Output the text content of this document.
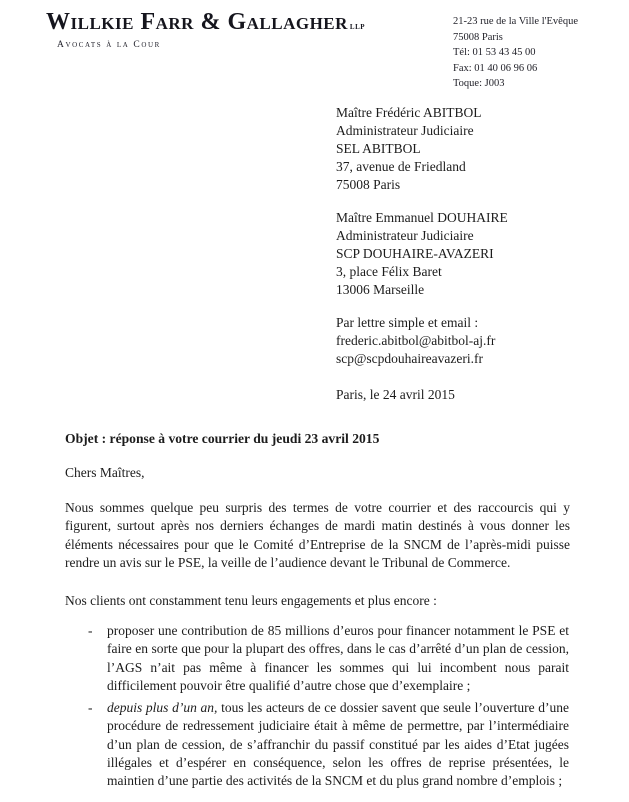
Willkie Farr & Gallagher llp
Avocats à la Cour
21-23 rue de la Ville l'Evêque
75008 Paris
Tél: 01 53 43 45 00
Fax: 01 40 06 96 06
Toque: J003
Maître Frédéric ABITBOL
Administrateur Judiciaire
SEL ABITBOL
37, avenue de Friedland
75008 Paris
Maître Emmanuel DOUHAIRE
Administrateur Judiciaire
SCP DOUHAIRE-AVAZERI
3, place Félix Baret
13006 Marseille
Par lettre simple et email :
frederic.abitbol@abitbol-aj.fr
scp@scpdouhaireavazeri.fr
Paris, le 24 avril 2015
Objet : réponse à votre courrier du jeudi 23 avril 2015
Chers Maîtres,
Nous sommes quelque peu surpris des termes de votre courrier et des raccourcis qui y figurent, surtout après nos derniers échanges de mardi matin destinés à vous donner les éléments nécessaires pour que le Comité d’Entreprise de la SNCM de l’après-midi puisse rendre un avis sur le PSE, la veille de l’audience devant le Tribunal de Commerce.
Nos clients ont constamment tenu leurs engagements et plus encore :
- proposer une contribution de 85 millions d’euros pour financer notamment le PSE et faire en sorte que pour la plupart des offres, dans le cas d’arrêté d’un plan de cession, l’AGS n’ait pas même à financer les sommes qui lui incombent nous parait difficilement pouvoir être qualifié d’autre chose que d’exemplaire ;
- depuis plus d’un an, tous les acteurs de ce dossier savent que seule l’ouverture d’une procédure de redressement judiciaire était à même de permettre, par l’intermédiaire d’un plan de cession, de s’affranchir du passif constitué par les aides d’Etat jugées illégales et d’espérer en conséquence, selon les offres de reprise présentées, le maintien d’une partie des activités de la SNCM et du plus grand nombre d’emplois ;
